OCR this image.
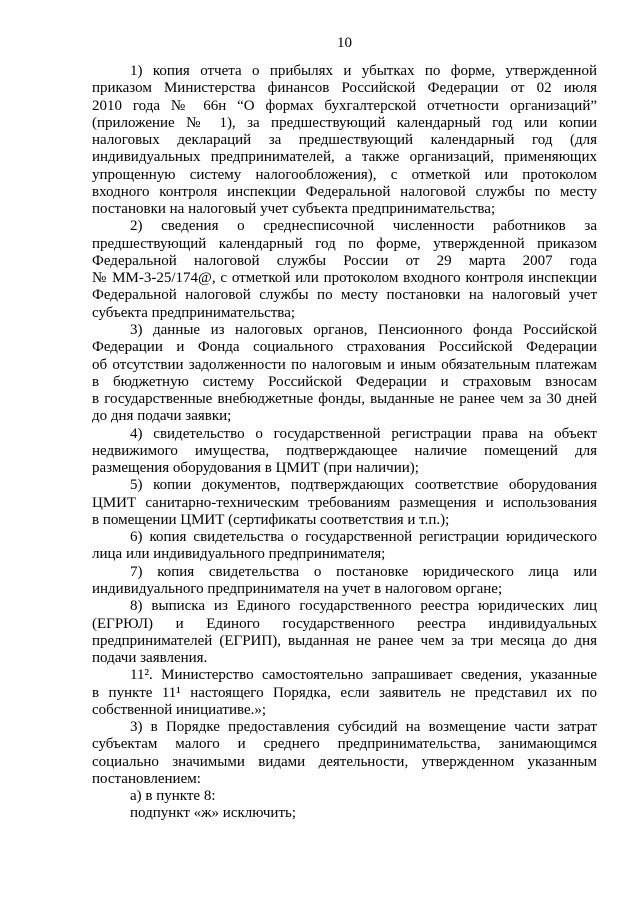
10

1) копия отчета о прибылях и убытках по форме, утвержденной
приказом Министерства финансов Российской Федерации от 02 июля
2010 года № 66н “О формах бухгалтерской отчетности организаций”
(приложение № 1), за предшествующий календарный год или копии
налоговых деклараций за предшествующий календарный год (для
индивидуальных предпринимателей, а также организаций, применяющих
упрощенную систему налогообложения), с отметкой или протоколом
входного контроля инспекции Федеральной налоговой службы по месту
постановки на налоговый учет субъекта предпринимательства;

2) сведения о среднесписочной численности работников за
предшествующий календарный год по форме, утвержденной приказом
Федеральной налоговой службы России от 29 марта 2007 года
№ ММ-3-25/174@, с отметкой или протоколом входного контроля инспекции
Федеральной налоговой службы по месту постановки на налоговый учет
субъекта предпринимательства;

3) данные из налоговых органов, Пенсионного фонда Российской
Федерации и Фонда социального страхования Российской Федерации
об отсутствии задолженности по налоговым и иным обязательным платежам
в бюджетную систему Российской Федерации и страховым взносам
в государственные внебюджетные фонды, выданные не ранее чем за 30 дней
до дня подачи заявки;

4) свидетельство о государственной регистрации права на объект
недвижимого имущества, подтверждающее наличие помещений для
размещения оборудования в ЦМИТ (при наличии);

5) копии документов, подтверждающих соответствие оборудования
ЦМИТ санитарно-техническим требованиям размещения и использования
в помещении ЦМИТ (сертификаты соответствия и т.п.);

6) копия свидетельства о государственной регистрации юридического
лица или индивидуального предпринимателя;

7) копия свидетельства о постановке юридического лица или
индивидуального предпринимателя на учет в налоговом органе;

8) выписка из Единого государственного реестра юридических лиц
(ЕГРЮЛ) и Единого государственного реестра индивидуальных
предпринимателей (ЕГРИП), выданная не ранее чем за три месяца до дня
подачи заявления.

11². Министерство самостоятельно запрашивает сведения, указанные
в пункте 11¹ настоящего Порядка, если заявитель не представил их по
собственной инициативе.»;

3) в Порядке предоставления субсидий на возмещение части затрат
субъектам малого и среднего предпринимательства, занимающимся
социально значимыми видами деятельности, утвержденном указанным
постановлением:

а) в пункте 8:

подпункт «ж» исключить;
